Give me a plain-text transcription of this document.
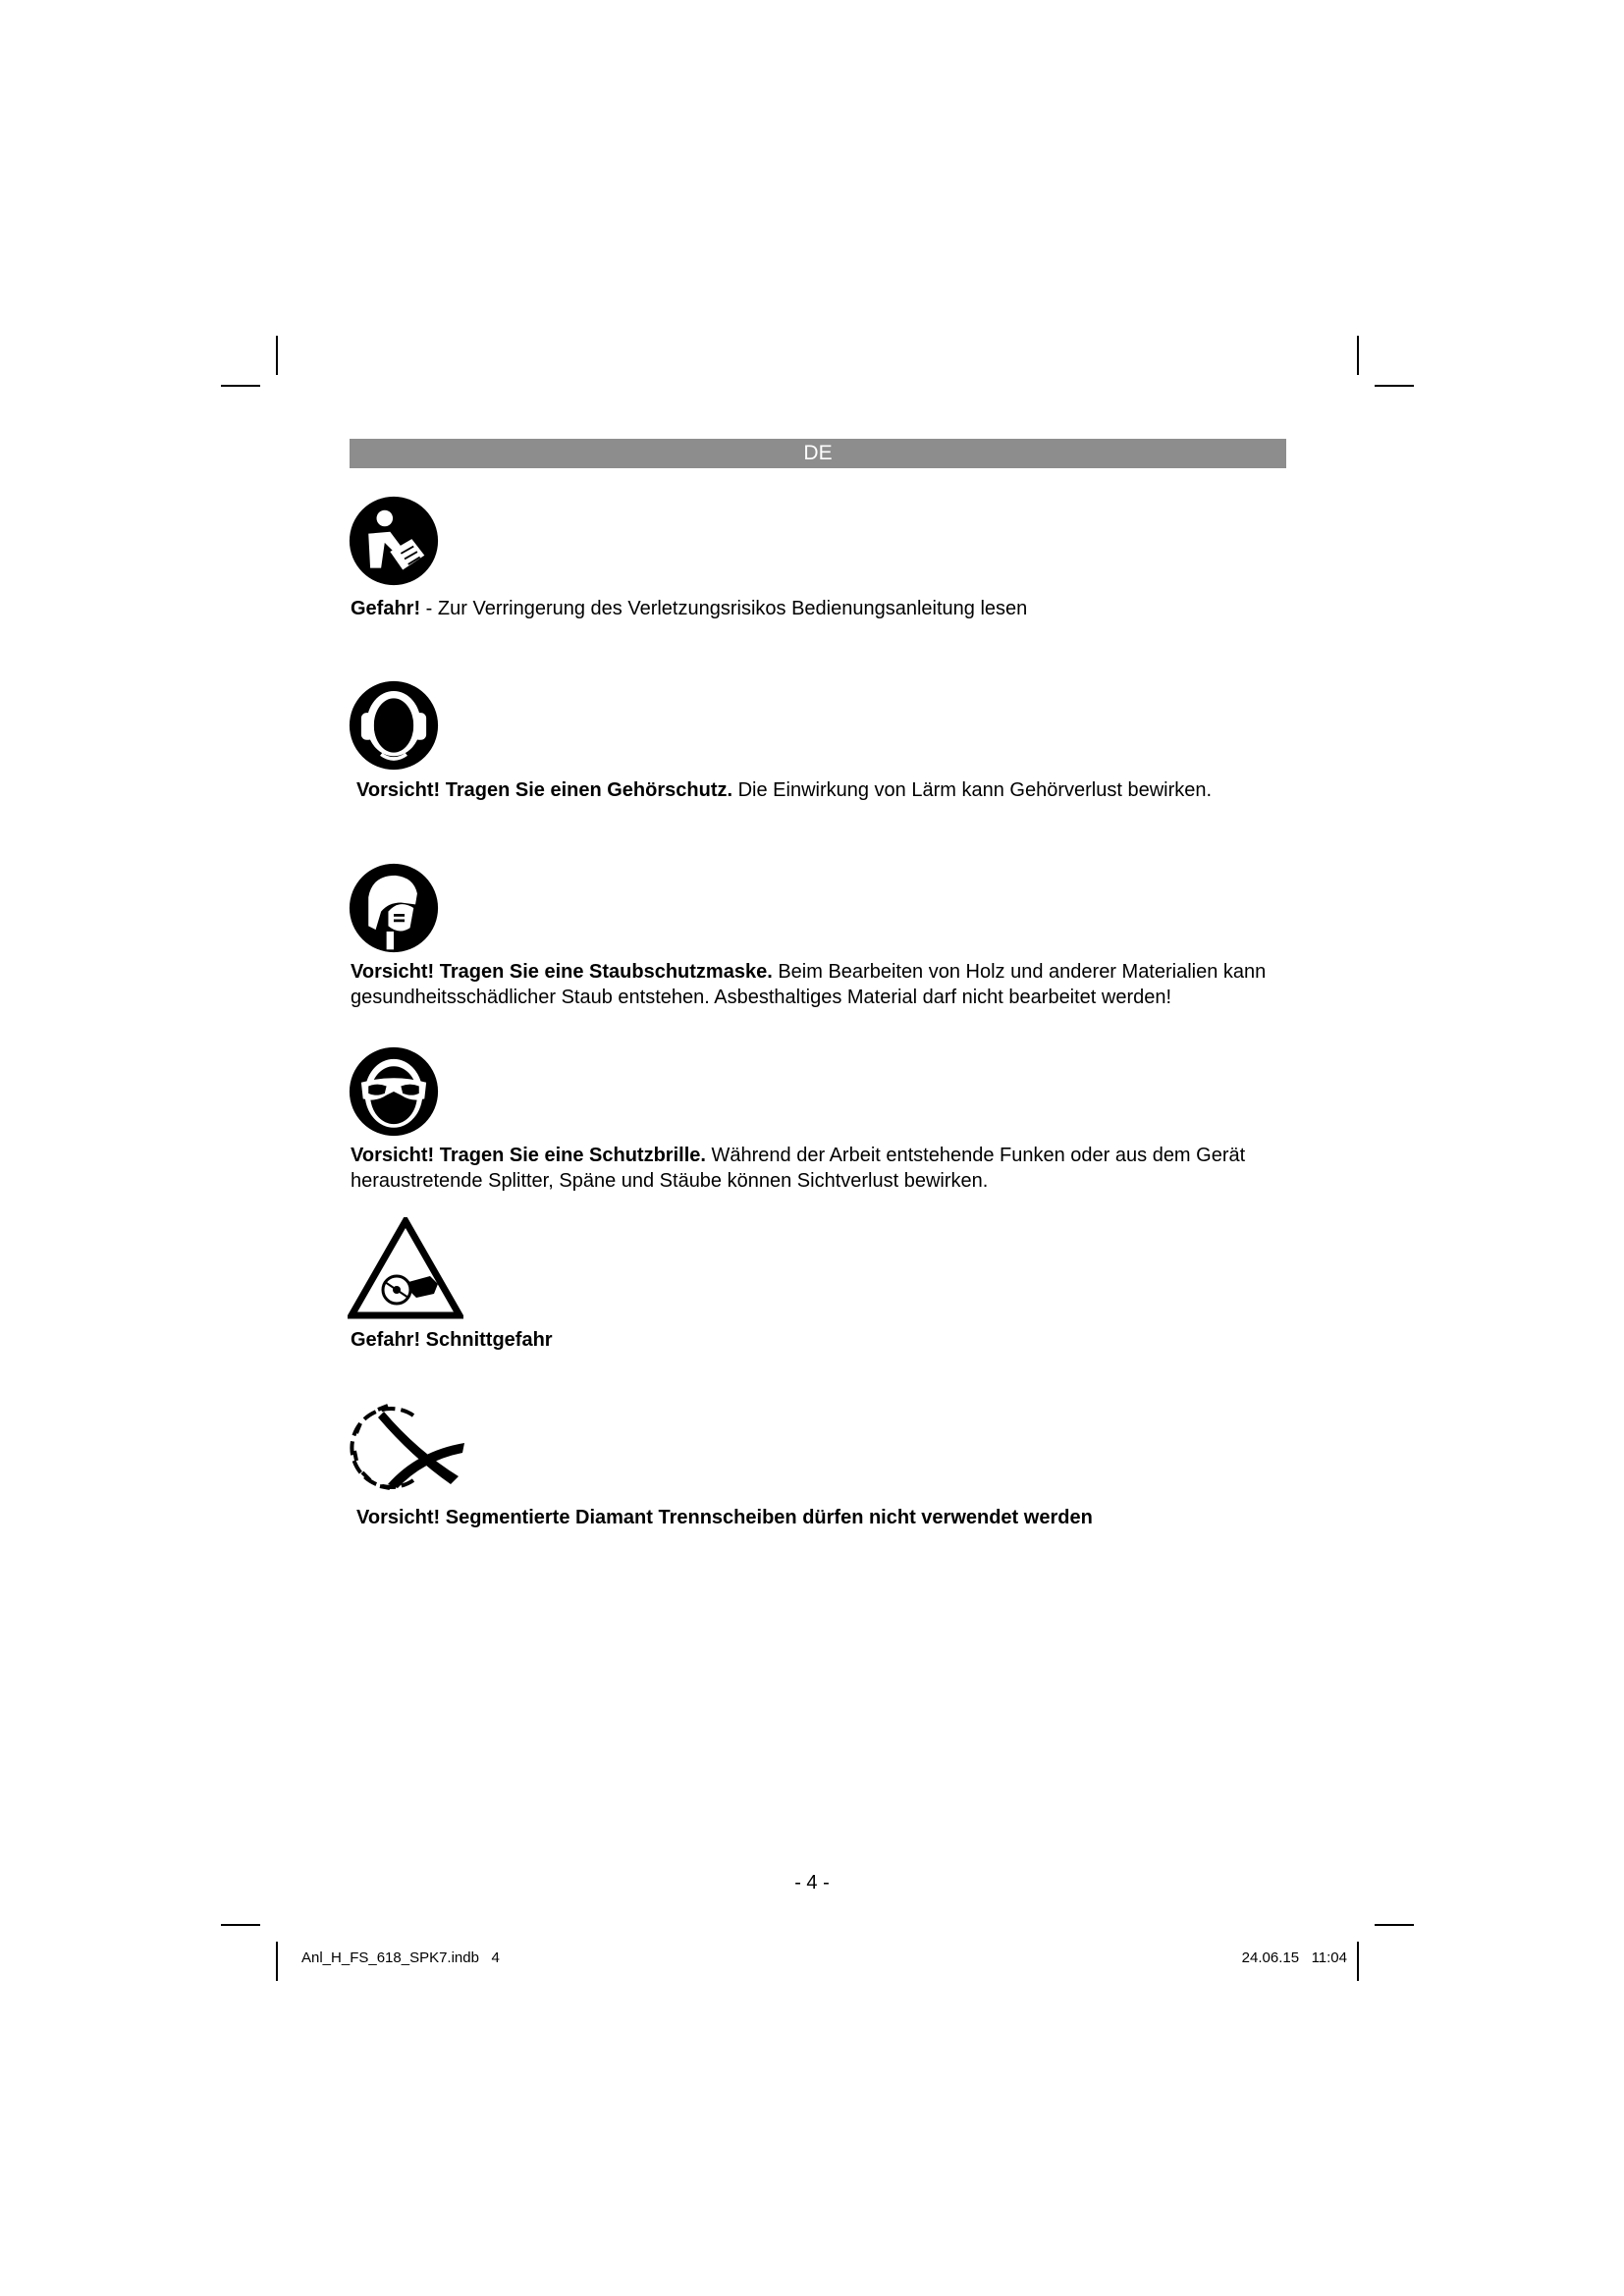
DE
Gefahr! - Zur Verringerung des Verletzungsrisikos Bedienungsanleitung lesen
Vorsicht! Tragen Sie einen Gehörschutz. Die Einwirkung von Lärm kann Gehörverlust bewirken.
Vorsicht! Tragen Sie eine Staubschutzmaske. Beim Bearbeiten von Holz und anderer Materialien kann gesundheitsschädlicher Staub entstehen. Asbesthaltiges Material darf nicht bearbeitet werden!
Vorsicht! Tragen Sie eine Schutzbrille. Während der Arbeit entstehende Funken oder aus dem Gerät heraustretende Splitter, Späne und Stäube können Sichtverlust bewirken.
Gefahr! Schnittgefahr
Vorsicht! Segmentierte Diamant Trennscheiben dürfen nicht verwendet werden
- 4 -
Anl_H_FS_618_SPK7.indb   4	24.06.15   11:04
